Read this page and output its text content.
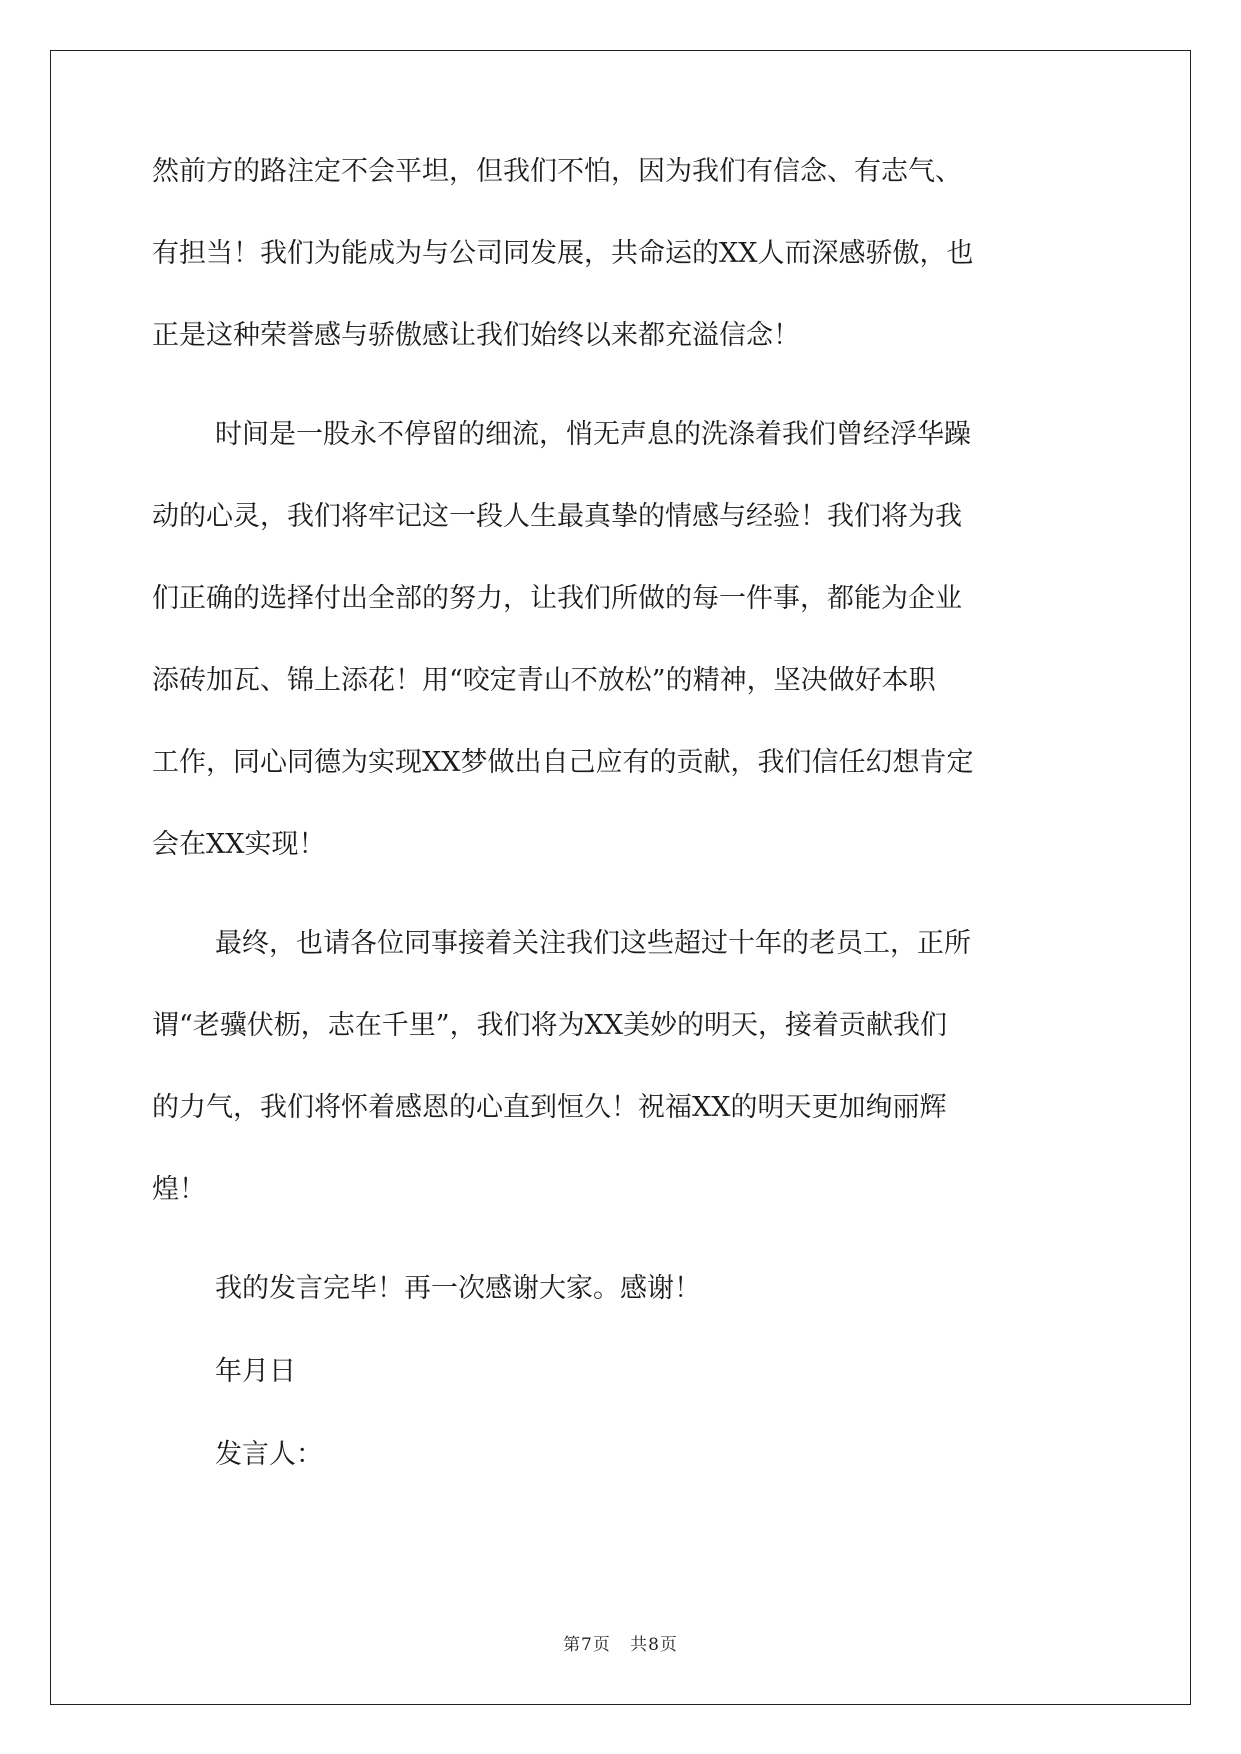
然前方的路注定不会平坦，但我们不怕，因为我们有信念、有志气、
有担当！我们为能成为与公司同发展，共命运的XX人而深感骄傲，也
正是这种荣誉感与骄傲感让我们始终以来都充溢信念！
时间是一股永不停留的细流，悄无声息的洗涤着我们曾经浮华躁
动的心灵，我们将牢记这一段人生最真挚的情感与经验！我们将为我
们正确的选择付出全部的努力，让我们所做的每一件事，都能为企业
添砖加瓦、锦上添花！用“咬定青山不放松”的精神，坚决做好本职
工作，同心同德为实现XX梦做出自己应有的贡献，我们信任幻想肯定
会在XX实现！
最终，也请各位同事接着关注我们这些超过十年的老员工，正所
谓“老骥伏枥，志在千里”，我们将为XX美妙的明天，接着贡献我们
的力气，我们将怀着感恩的心直到恒久！祝福XX的明天更加绚丽辉
煌！
我的发言完毕！再一次感谢大家。感谢！
年月日
发言人：
第7页 共8页
